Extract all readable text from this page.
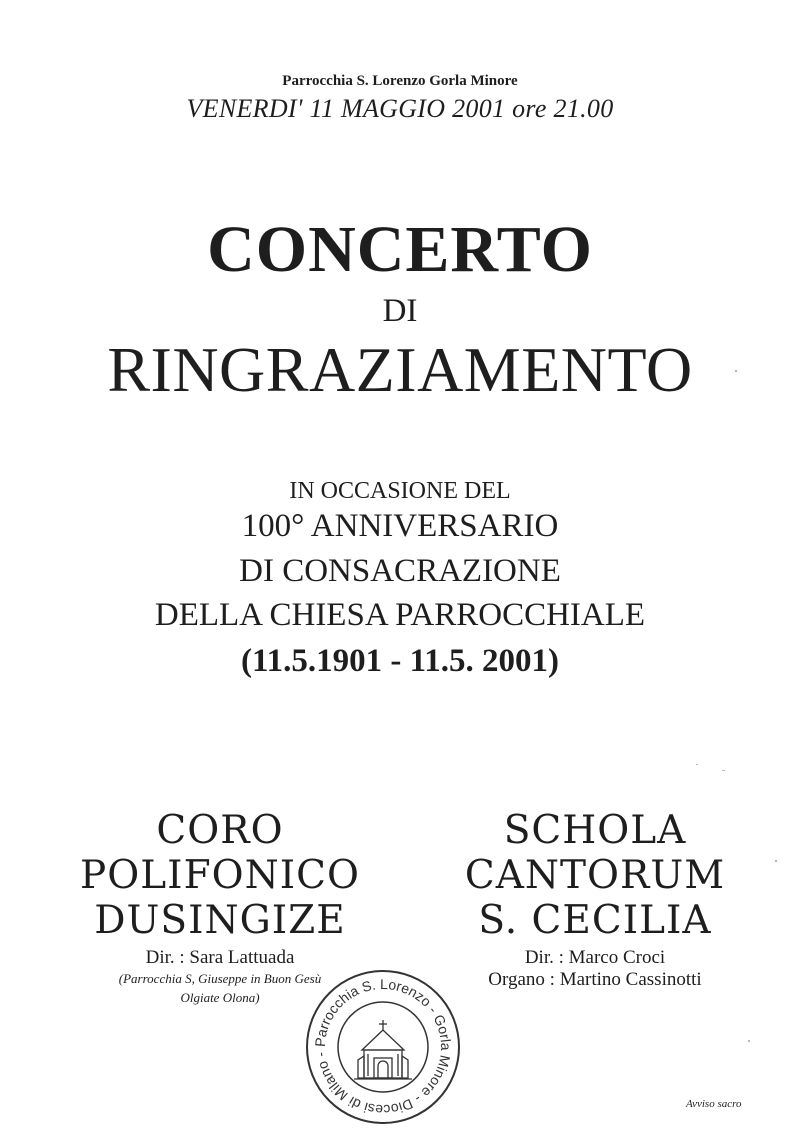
Parrocchia S. Lorenzo Gorla Minore
VENERDI' 11 MAGGIO 2001 ore 21.00
CONCERTO
DI
RINGRAZIAMENTO
IN OCCASIONE DEL
100° ANNIVERSARIO
DI CONSACRAZIONE
DELLA CHIESA PARROCCHIALE
(11.5.1901 - 11.5. 2001)
CORO
POLIFONICO
DUSINGIZE
Dir. : Sara Lattuada
(Parrocchia S, Giuseppe in Buon Gesù
Olgiate Olona)
SCHOLA
CANTORUM
S. CECILIA
Dir. : Marco Croci
Organo : Martino Cassinotti
Parrocchia S. Lorenzo - Gorla Minore - Diocesi di Milano -
Avviso sacro
